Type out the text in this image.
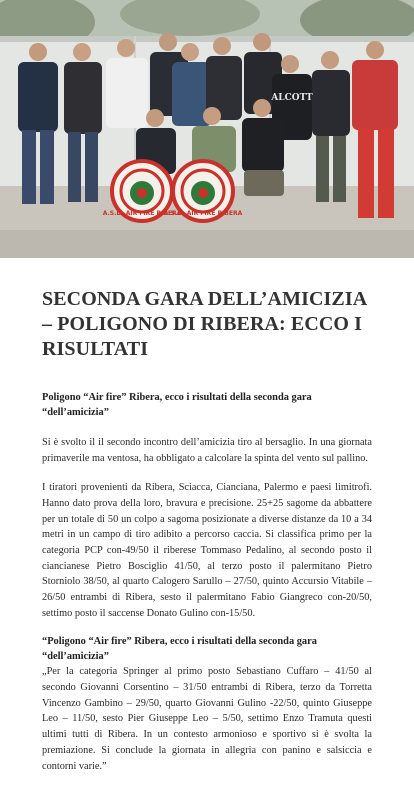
A.S.D. AIR FIRE RIBERA
A.S.D. AIR FIRE RIBERA
ALCOTT
SECONDA GARA DELL’AMICIZIA – POLIGONO DI RIBERA: ECCO I RISULTATI

Poligono “Air fire” Ribera, ecco i risultati della seconda gara “dell’amicizia”

Si è svolto il il secondo incontro dell’amicizia tiro al bersaglio. In una giornata primaverile ma ventosa, ha obbligato a calcolare la spinta del vento sul pallino.

I tiratori provenienti da Ribera, Sciacca, Cianciana, Palermo e paesi limitrofi. Hanno dato prova della loro, bravura e precisione. 25+25 sagome da abbattere per un totale di 50 un colpo a sagoma posizionate a diverse distanze da 10 a 34 metri in un campo di tiro adibito a percorso caccia. Si classifica primo per la categoria PCP con-49/50 il riberese Tommaso Pedalino, al secondo posto il ciancianese Pietro Bosciglio 41/50, al terzo posto il palermitano Pietro Storniolo 38/50, al quarto Calogero Sarullo – 27/50, quinto Accursio Vitabile – 26/50 entrambi di Ribera, sesto il palermitano Fabio Giangreco con-20/50, settimo posto il saccense Donato Gulino con-15/50.

“Poligono “Air fire” Ribera, ecco i risultati della seconda gara “dell’amicizia”

„Per la categoria Springer al primo posto Sebastiano Cuffaro – 41/50 al secondo Giovanni Corsentino – 31/50 entrambi di Ribera, terzo da Torretta Vincenzo Gambino – 29/50, quarto Giovanni Gulino -22/50, quinto Giuseppe Leo – 11/50, sesto Pier Giuseppe Leo – 5/50, settimo Enzo Tramuta questi ultimi tutti di Ribera. In un contesto armonioso e sportivo si è svolta la premiazione. Si conclude la giornata in allegria con panino e salsiccia e contorni varie.”
